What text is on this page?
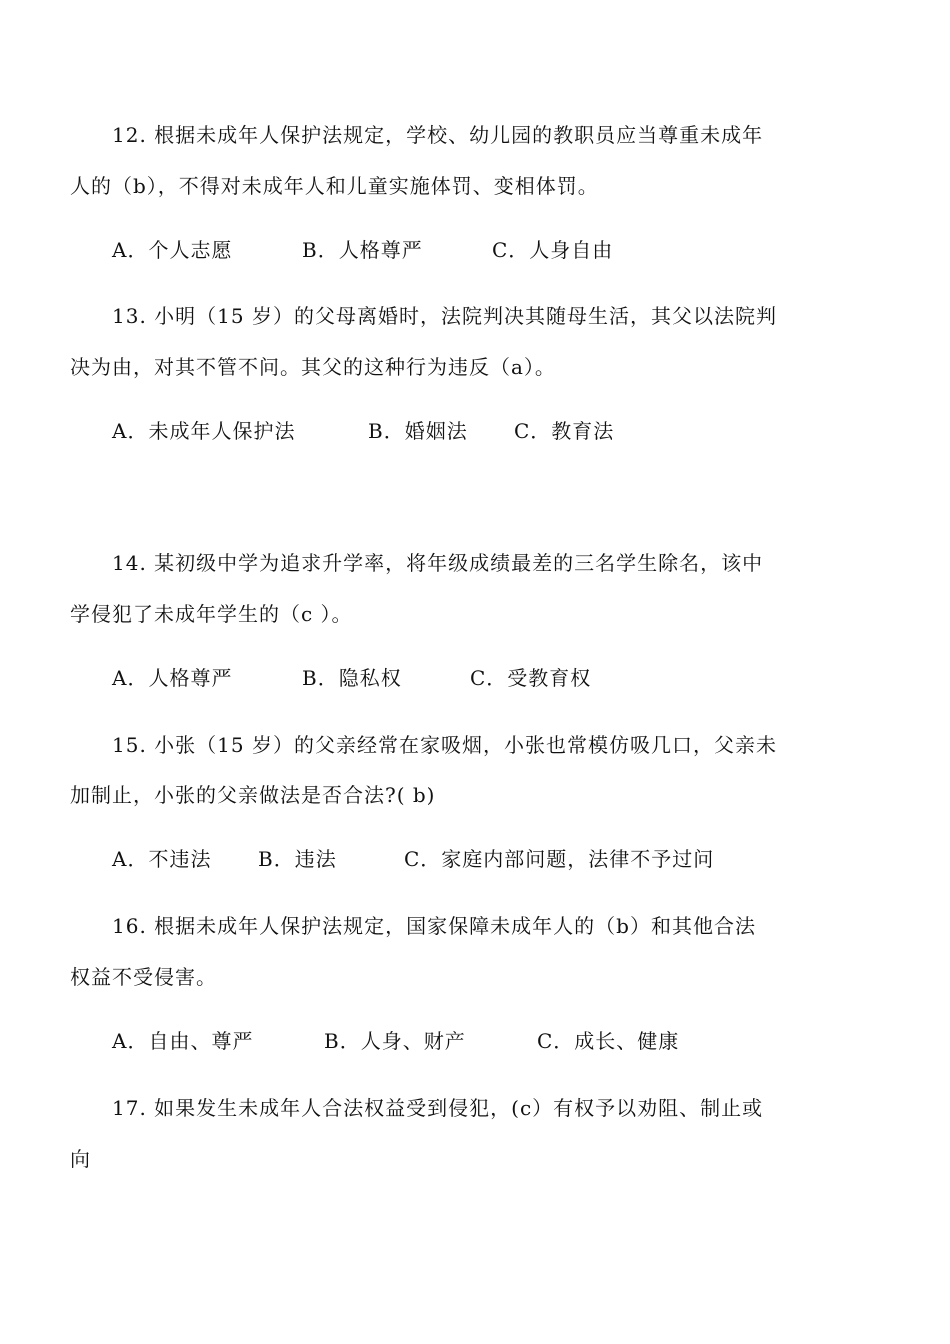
12. 根据未成年人保护法规定，学校、幼儿园的教职员应当尊重未成年
人的（b），不得对未成年人和儿童实施体罚、变相体罚。
A．个人志愿	B．人格尊严	C．人身自由
13. 小明（15 岁）的父母离婚时，法院判决其随母生活，其父以法院判
决为由，对其不管不问。其父的这种行为违反（a）。
A．未成年人保护法	B．婚姻法 C．教育法
14. 某初级中学为追求升学率，将年级成绩最差的三名学生除名，该中
学侵犯了未成年学生的（c ）。
A．人格尊严	B．隐私权	C．受教育权
15. 小张（15 岁）的父亲经常在家吸烟，小张也常模仿吸几口，父亲未
加制止，小张的父亲做法是否合法?( b)
A．不违法 B．违法	C．家庭内部问题，法律不予过问
16. 根据未成年人保护法规定，国家保障未成年人的（b）和其他合法
权益不受侵害。
A．自由、尊严	B．人身、财产	C．成长、健康
17. 如果发生未成年人合法权益受到侵犯，(c）有权予以劝阻、制止或
向
